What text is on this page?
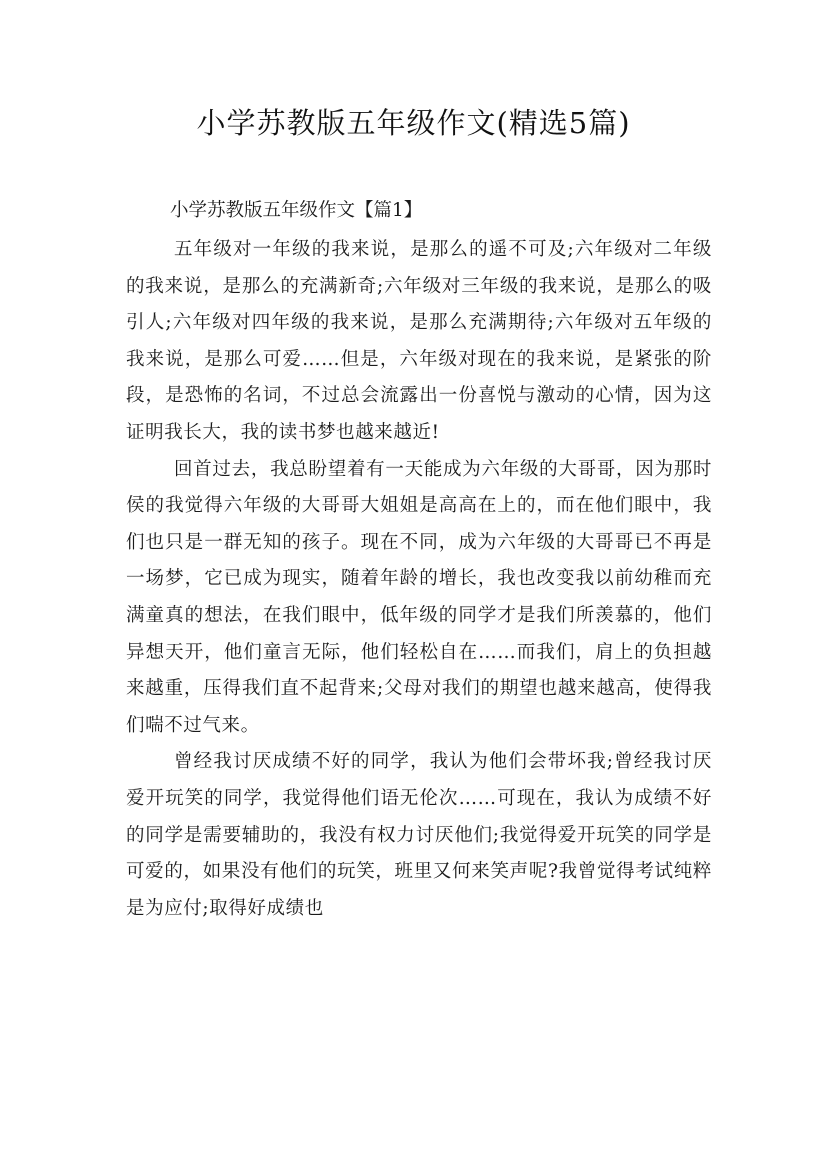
小学苏教版五年级作文(精选5篇)
小学苏教版五年级作文【篇1】

五年级对一年级的我来说，是那么的遥不可及;六年级对二年级的我来说，是那么的充满新奇;六年级对三年级的我来说，是那么的吸引人;六年级对四年级的我来说，是那么充满期待;六年级对五年级的我来说，是那么可爱……但是，六年级对现在的我来说，是紧张的阶段，是恐怖的名词，不过总会流露出一份喜悦与激动的心情，因为这证明我长大，我的读书梦也越来越近!

回首过去，我总盼望着有一天能成为六年级的大哥哥，因为那时侯的我觉得六年级的大哥哥大姐姐是高高在上的，而在他们眼中，我们也只是一群无知的孩子。现在不同，成为六年级的大哥哥已不再是一场梦，它已成为现实，随着年龄的增长，我也改变我以前幼稚而充满童真的想法，在我们眼中，低年级的同学才是我们所羡慕的，他们异想天开，他们童言无际，他们轻松自在……而我们，肩上的负担越来越重，压得我们直不起背来;父母对我们的期望也越来越高，使得我们喘不过气来。

曾经我讨厌成绩不好的同学，我认为他们会带坏我;曾经我讨厌爱开玩笑的同学，我觉得他们语无伦次……可现在，我认为成绩不好的同学是需要辅助的，我没有权力讨厌他们;我觉得爱开玩笑的同学是可爱的，如果没有他们的玩笑，班里又何来笑声呢?我曾觉得考试纯粹是为应付;取得好成绩也
